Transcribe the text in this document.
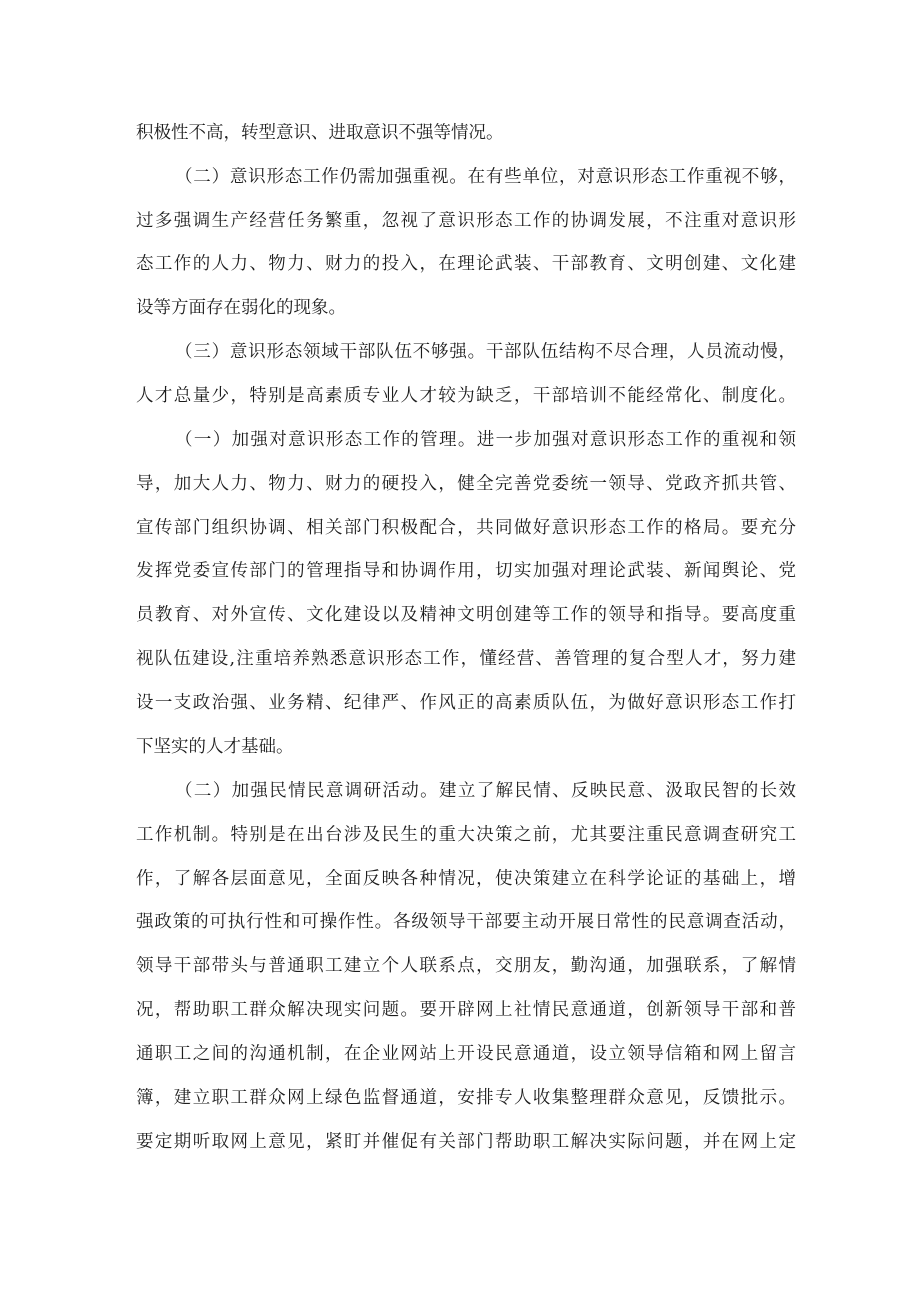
积极性不高，转型意识、进取意识不强等情况。
（二）意识形态工作仍需加强重视。在有些单位，对意识形态工作重视不够，
过多强调生产经营任务繁重，忽视了意识形态工作的协调发展，不注重对意识形
态工作的人力、物力、财力的投入，在理论武装、干部教育、文明创建、文化建
设等方面存在弱化的现象。
（三）意识形态领域干部队伍不够强。干部队伍结构不尽合理，人员流动慢，
人才总量少，特别是高素质专业人才较为缺乏，干部培训不能经常化、制度化。
（一）加强对意识形态工作的管理。进一步加强对意识形态工作的重视和领
导，加大人力、物力、财力的硬投入，健全完善党委统一领导、党政齐抓共管、
宣传部门组织协调、相关部门积极配合，共同做好意识形态工作的格局。要充分
发挥党委宣传部门的管理指导和协调作用，切实加强对理论武装、新闻舆论、党
员教育、对外宣传、文化建设以及精神文明创建等工作的领导和指导。要高度重
视队伍建设,注重培养熟悉意识形态工作，懂经营、善管理的复合型人才，努力建
设一支政治强、业务精、纪律严、作风正的高素质队伍，为做好意识形态工作打
下坚实的人才基础。
（二）加强民情民意调研活动。建立了解民情、反映民意、汲取民智的长效
工作机制。特别是在出台涉及民生的重大决策之前，尤其要注重民意调查研究工
作，了解各层面意见，全面反映各种情况，使决策建立在科学论证的基础上，增
强政策的可执行性和可操作性。各级领导干部要主动开展日常性的民意调查活动，
领导干部带头与普通职工建立个人联系点，交朋友，勤沟通，加强联系，了解情
况，帮助职工群众解决现实问题。要开辟网上社情民意通道，创新领导干部和普
通职工之间的沟通机制，在企业网站上开设民意通道，设立领导信箱和网上留言
簿，建立职工群众网上绿色监督通道，安排专人收集整理群众意见，反馈批示。
要定期听取网上意见，紧盯并催促有关部门帮助职工解决实际问题，并在网上定
